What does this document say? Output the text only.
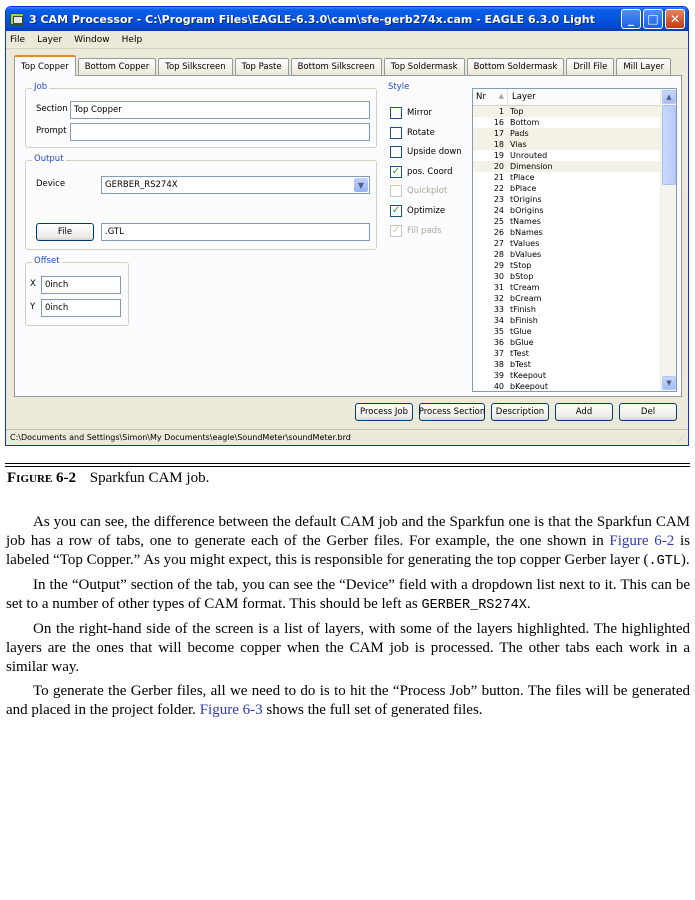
3 CAM Processor - C:\Program Files\EAGLE-6.3.0\cam\sfe-gerb274x.cam - EAGLE 6.3.0 Light	_	□ ✕
File Layer Window Help
Top Copper	Bottom Copper	Top Silkscreen	Top Paste	Bottom Silkscreen	Top Soldermask	Bottom Soldermask	Drill File	Mill Layer
Job
Section Top Copper
Prompt
Output
Device	GERBER_RS274X	▼
File	.GTL
Offset
X	0inch
Y	0inch
Style
Mirror
Rotate
Upside down
✓ pos. Coord
Quickplot
✓ Optimize
✓ Fill pads
Nr ▲ Layer
1 Top
16 Bottom
17 Pads
18 Vias
19 Unrouted
20 Dimension
21 tPlace
22 bPlace
23 tOrigins
24 bOrigins
25 tNames
26 bNames
27 tValues
28 bValues
29 tStop
30 bStop
31 tCream
32 bCream
33 tFinish
34 bFinish
35 tGlue
36 bGlue
37 tTest
38 bTest
39 tKeepout
40 bKeepout
▲
▼
Process Job	Process Section	Description	Add	Del
C:\Documents and Settings\Simon\My Documents\eagle\SoundMeter\soundMeter.brd	⋰
Figure 6-2 Sparkfun CAM job.

As you can see, the difference between the default CAM job and the Sparkfun one is that the Sparkfun CAM job has a row of tabs, one to generate each of the Gerber files. For example, the one shown in Figure 6-2 is labeled “Top Copper.” As you might expect, this is responsible for generating the top copper Gerber layer (.GTL).

In the “Output” section of the tab, you can see the “Device” field with a dropdown list next to it. This can be set to a number of other types of CAM format. This should be left as GERBER_RS274X.

On the right-hand side of the screen is a list of layers, with some of the layers highlighted. The highlighted layers are the ones that will become copper when the CAM job is processed. The other tabs each work in a similar way.

To generate the Gerber files, all we need to do is to hit the “Process Job” button. The files will be generated and placed in the project folder. Figure 6-3 shows the full set of generated files.
